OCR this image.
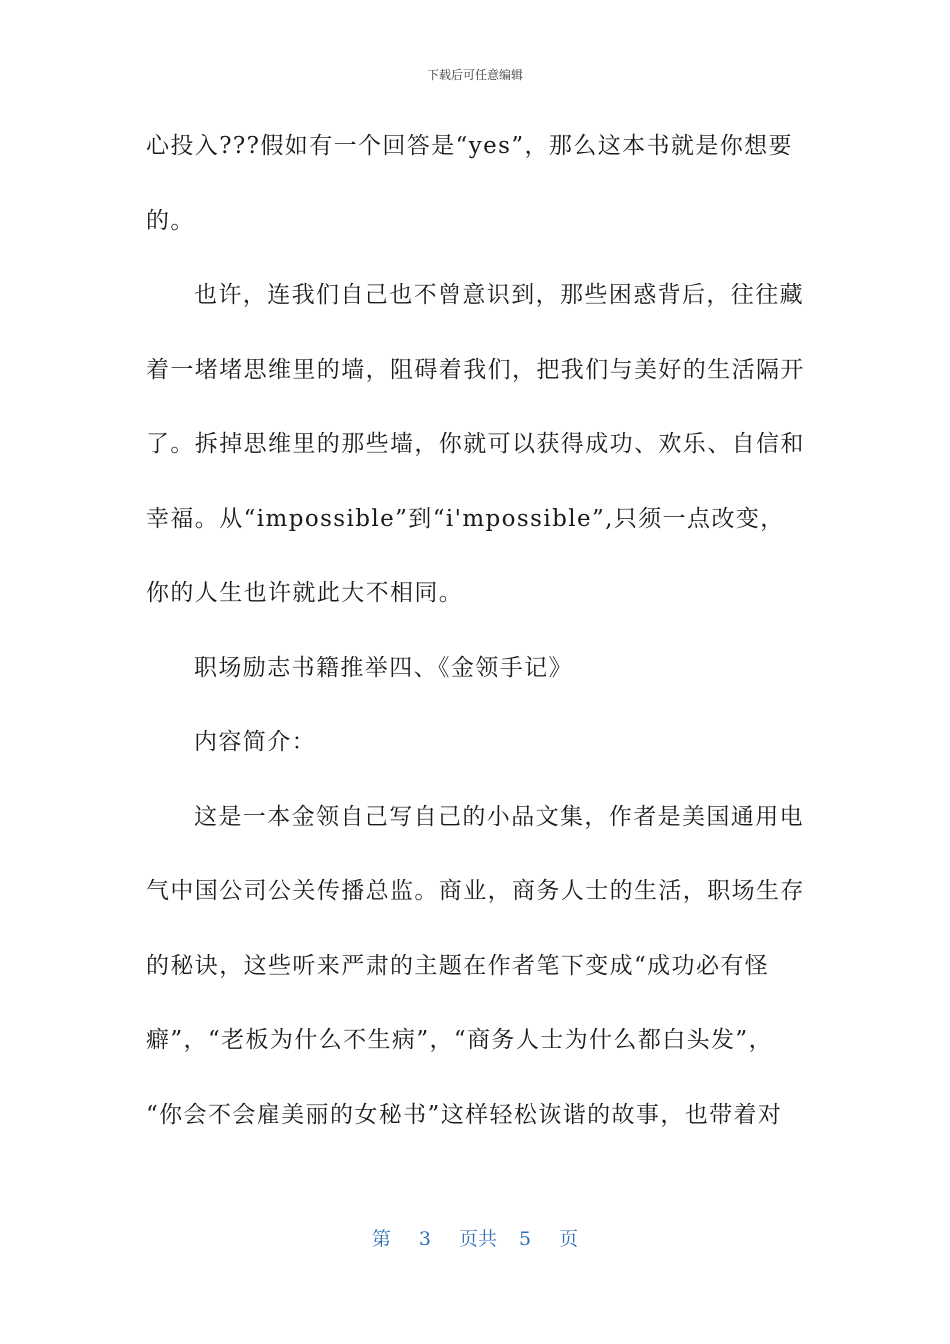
下载后可任意编辑
心投入???假如有一个回答是“yes”，那么这本书就是你想要
的。
也许，连我们自己也不曾意识到，那些困惑背后，往往藏
着一堵堵思维里的墙，阻碍着我们，把我们与美好的生活隔开
了。拆掉思维里的那些墙，你就可以获得成功、欢乐、自信和
幸福。从“impossible”到“i'mpossible”,只须一点改变，
你的人生也许就此大不相同。
职场励志书籍推举四、《金领手记》
内容简介：
这是一本金领自己写自己的小品文集，作者是美国通用电
气中国公司公关传播总监。商业，商务人士的生活，职场生存
的秘诀，这些听来严肃的主题在作者笔下变成“成功必有怪
癖”，“老板为什么不生病”，“商务人士为什么都白头发”，
“你会不会雇美丽的女秘书”这样轻松诙谐的故事，也带着对
第 3 页共 5 页
